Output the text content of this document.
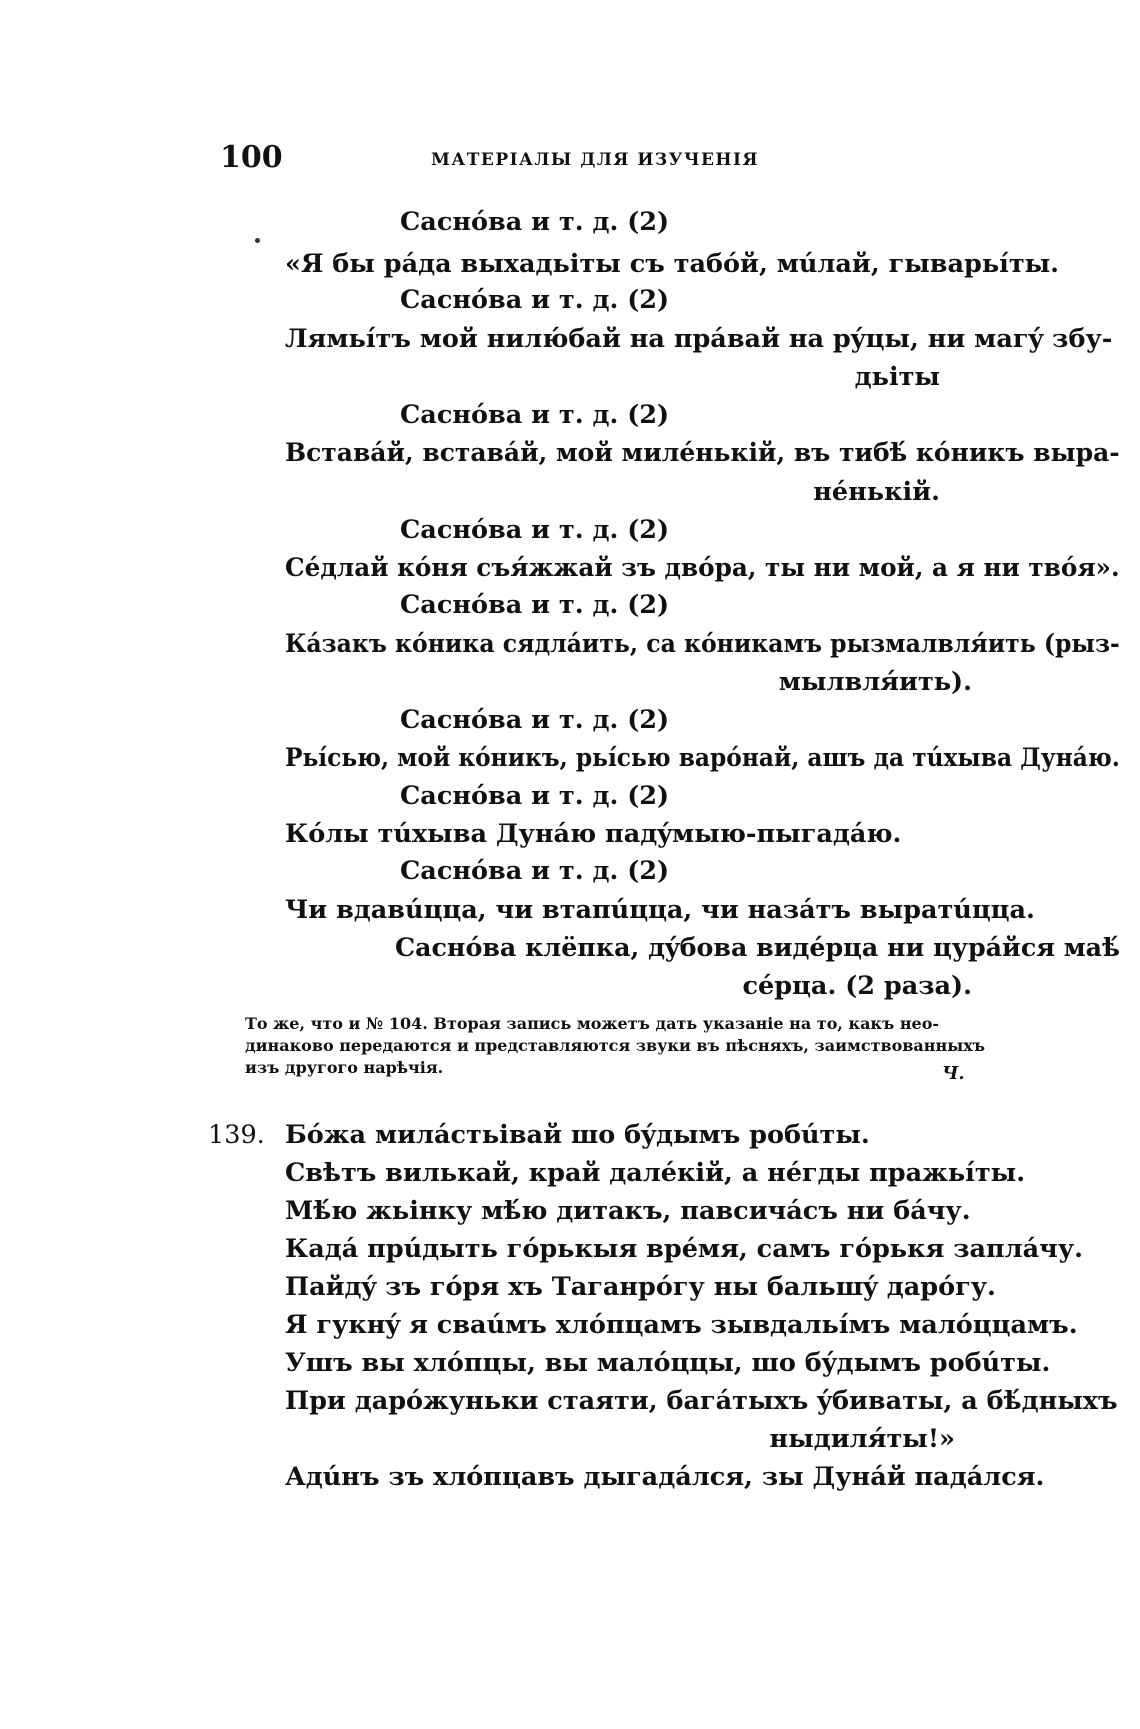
100	МАТЕРІАЛЫ ДЛЯ ИЗУЧЕНІЯ
Саснóва и т. д. (2)
«Я бы рáда выхадьіты съ табóй, мúлай, гыварьíты.
Саснóва и т. д. (2)
Лямьíтъ мой нилю́бай на прáвай на рýцы, ни магý збу-
дьіты
Саснóва и т. д. (2)
Вставáй, вставáй, мой милéнькій, въ тибѣ́ кóникъ выра-
нéнькій.
Саснóва и т. д. (2)
Сéдлай кóня съя́жжай зъ двóра, ты ни мой, а я ни твóя».
Саснóва и т. д. (2)
Кáзакъ кóника сядлáить, са кóникамъ рызмалвля́ить (рыз-
мылвля́ить).
Саснóва и т. д. (2)
Рьíсью, мой кóникъ, рьíсью варóнай, ашъ да тúхыва Дунáю.
Саснóва и т. д. (2)
Кóлы тúхыва Дунáю падýмыю-пыгадáю.
Саснóва и т. д. (2)
Чи вдавúцца, чи втапúцца, чи назáтъ выратúцца.
Саснóва клёпка, дýбова видéрца ни цурáйся маѣ́
сéрца. (2 раза).
То же, что и № 104. Вторая запись можетъ дать указаніе на то, какъ нео-
динаково передаются и представляются звуки въ пѣсняхъ, заимствованныхъ
изъ другого нарѣчія.	Ч.
139. Бóжа милáстьівай шо бýдымъ робúты.
Свѣтъ вилькай, край далéкій, а нéгды пражьíты.
Мѣ́ю жьінку мѣ́ю дитакъ, павсичáсъ ни бáчу.
Кадá прúдыть гóрькыя врéмя, самъ гóрькя заплáчу.
Пайдý зъ гóря хъ Таганрóгу ны бальшý дарóгу.
Я гукнý я сваúмъ хлóпцамъ зывдальíмъ малóццамъ.
Ушъ вы хлóпцы, вы малóццы, шо бýдымъ робúты.
При дарóжуньки стаяти, багáтыхъ ýбиваты, а бѣ́дныхъ
ныдиля́ты!»
Адúнъ зъ хлóпцавъ дыгадáлся, зы Дунáй падáлся.
